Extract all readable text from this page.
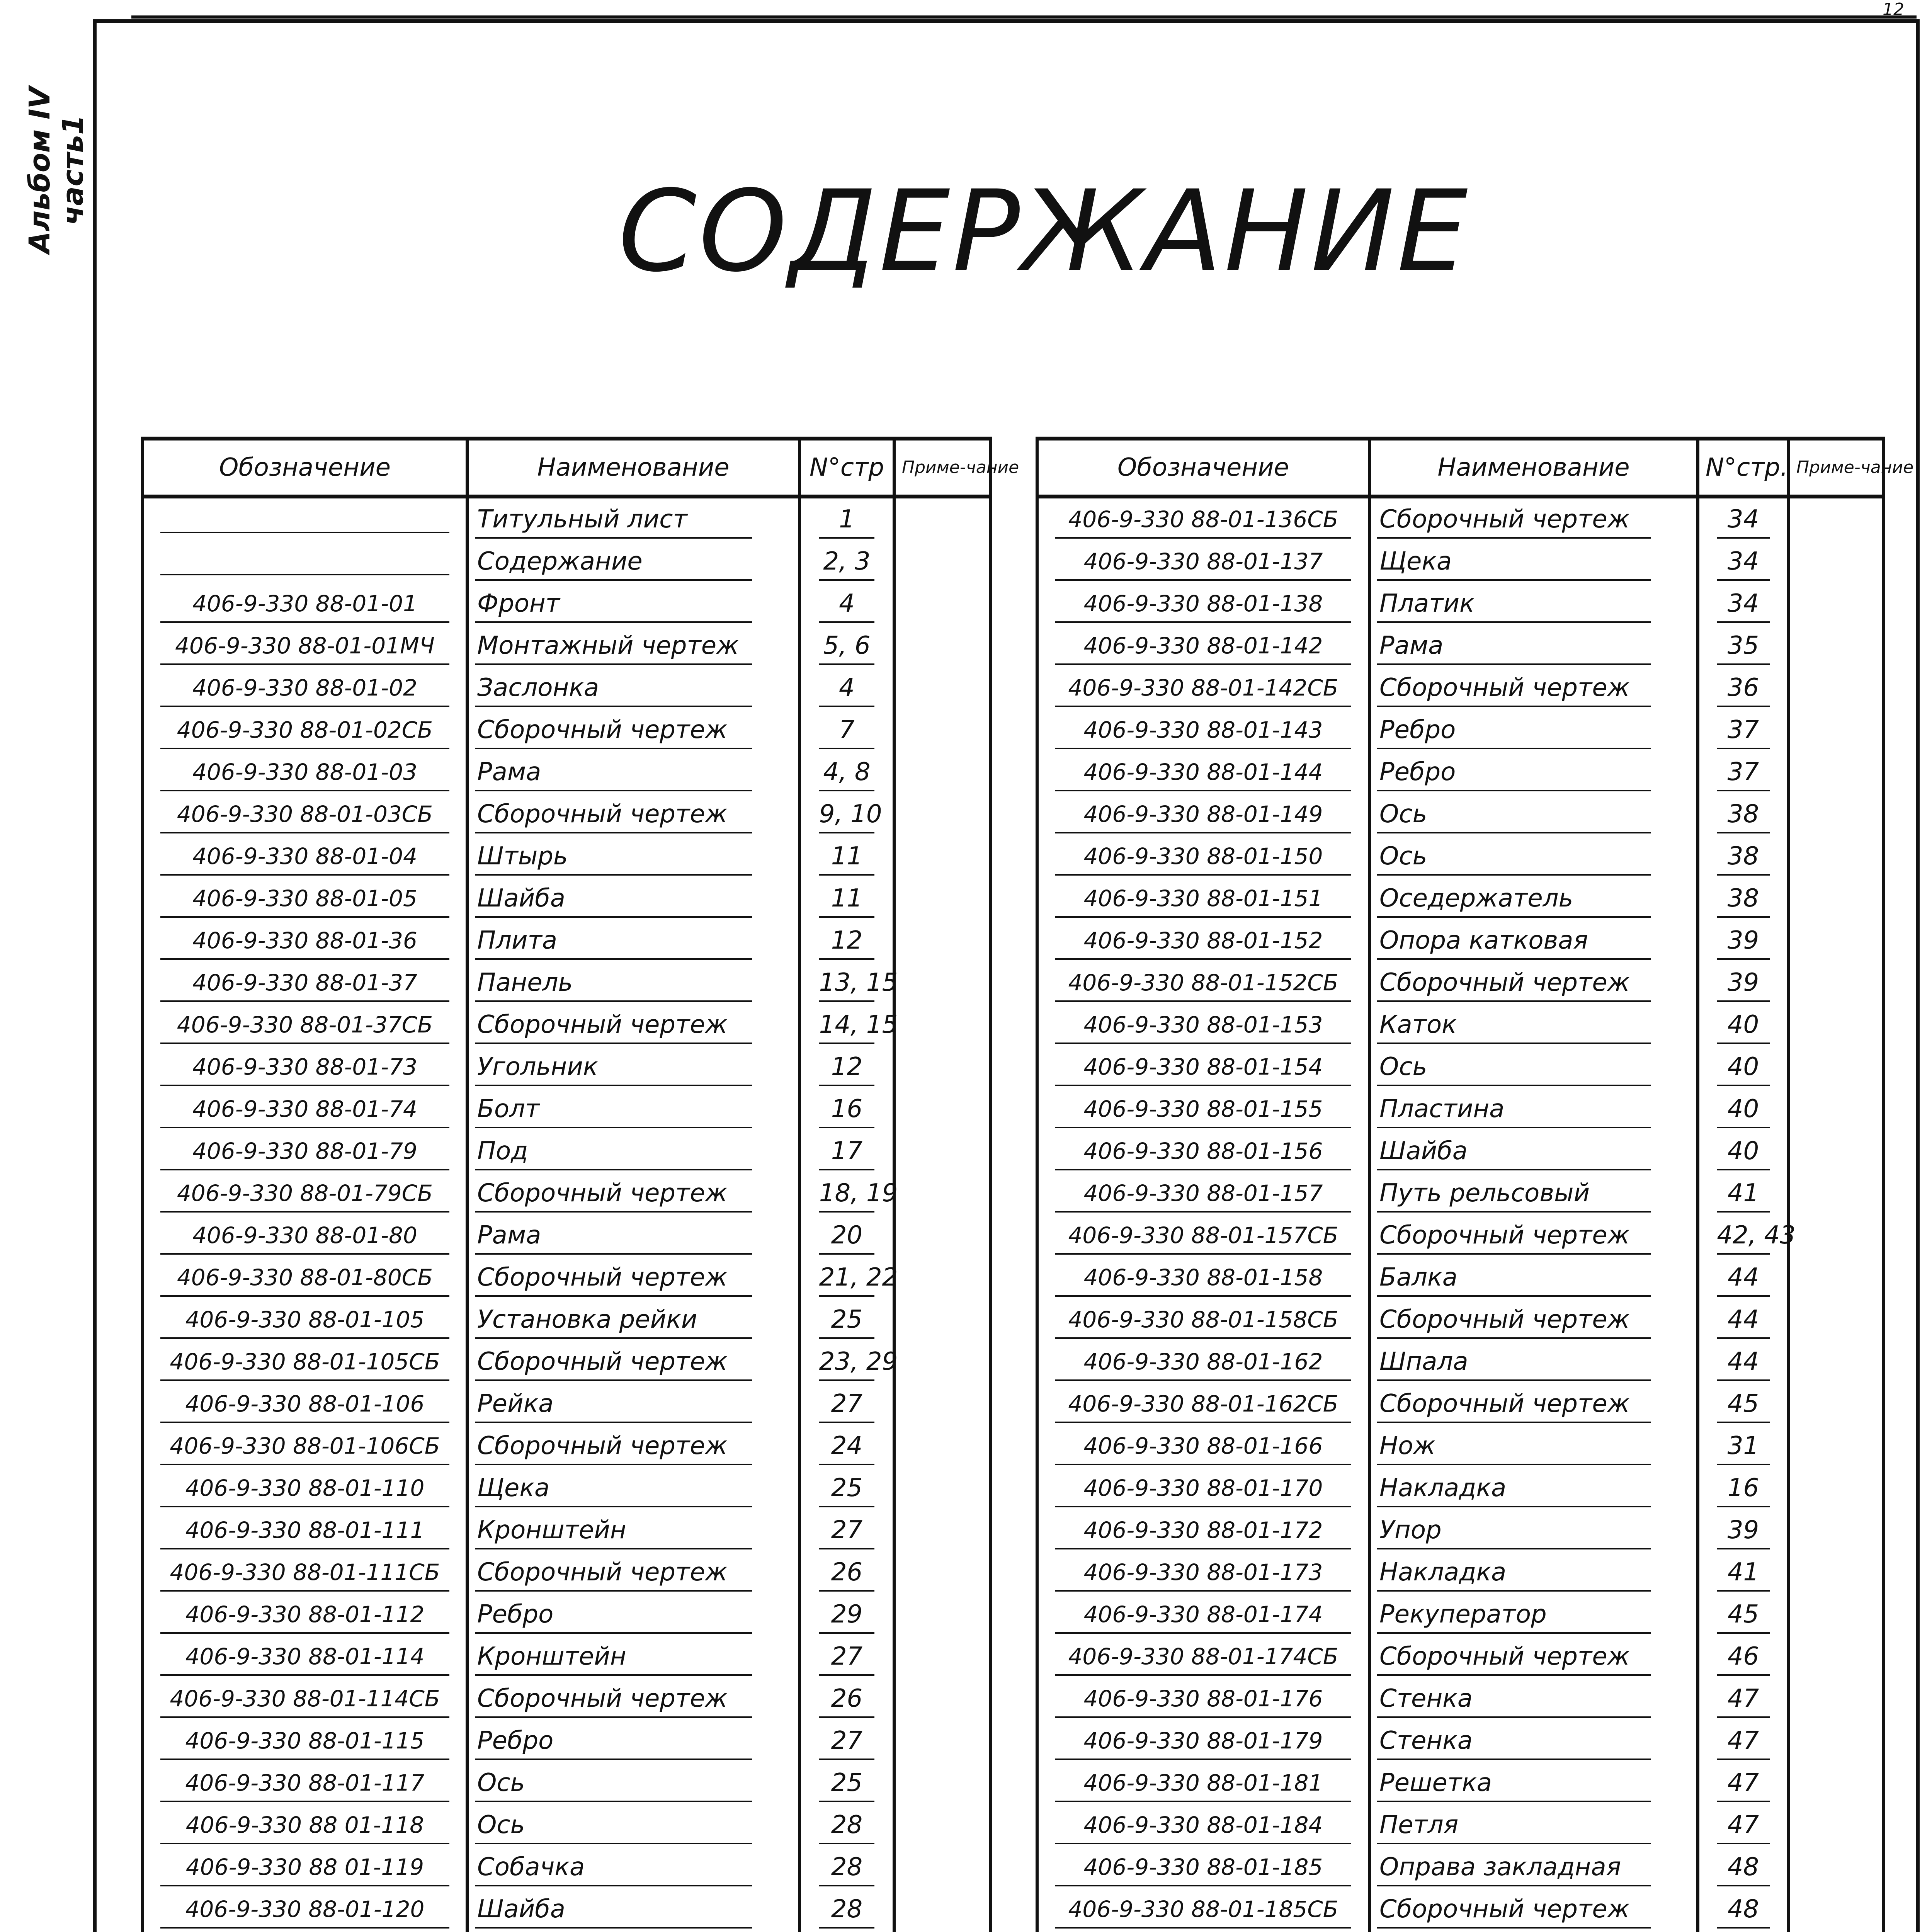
12
Альбом IV часть1	СОДЕРЖАНИЕ
Обозначение	Наименование	N°стр	Приме-чание
	Титульный лист	1	
	Содержание	2, 3	
406-9-330 88-01-01	Фронт	4	
406-9-330 88-01-01МЧ	Монтажный чертеж	5, 6	
406-9-330 88-01-02	Заслонка	4	
406-9-330 88-01-02СБ	Сборочный чертеж	7	
406-9-330 88-01-03	Рама	4, 8	
406-9-330 88-01-03СБ	Сборочный чертеж	9, 10	
406-9-330 88-01-04	Штырь	11	
406-9-330 88-01-05	Шайба	11	
406-9-330 88-01-36	Плита	12	
406-9-330 88-01-37	Панель	13, 15	
406-9-330 88-01-37СБ	Сборочный чертеж	14, 15	
406-9-330 88-01-73	Угольник	12	
406-9-330 88-01-74	Болт	16	
406-9-330 88-01-79	Под	17	
406-9-330 88-01-79СБ	Сборочный чертеж	18, 19	
406-9-330 88-01-80	Рама	20	
406-9-330 88-01-80СБ	Сборочный чертеж	21, 22	
406-9-330 88-01-105	Установка рейки	25	
406-9-330 88-01-105СБ	Сборочный чертеж	23, 29	
406-9-330 88-01-106	Рейка	27	
406-9-330 88-01-106СБ	Сборочный чертеж	24	
406-9-330 88-01-110	Щека	25	
406-9-330 88-01-111	Кронштейн	27	
406-9-330 88-01-111СБ	Сборочный чертеж	26	
406-9-330 88-01-112	Ребро	29	
406-9-330 88-01-114	Кронштейн	27	
406-9-330 88-01-114СБ	Сборочный чертеж	26	
406-9-330 88-01-115	Ребро	27	
406-9-330 88-01-117	Ось	25	
406-9-330 88 01-118	Ось	28	
406-9-330 88 01-119	Собачка	28	
406-9-330 88-01-120	Шайба	28	

Обозначение	Наименование	N°стр.	Приме-чание
406-9-330 88-01-136СБ	Сборочный чертеж	34	
406-9-330 88-01-137	Щека	34	
406-9-330 88-01-138	Платик	34	
406-9-330 88-01-142	Рама	35	
406-9-330 88-01-142СБ	Сборочный чертеж	36	
406-9-330 88-01-143	Ребро	37	
406-9-330 88-01-144	Ребро	37	
406-9-330 88-01-149	Ось	38	
406-9-330 88-01-150	Ось	38	
406-9-330 88-01-151	Оседержатель	38	
406-9-330 88-01-152	Опора катковая	39	
406-9-330 88-01-152СБ	Сборочный чертеж	39	
406-9-330 88-01-153	Каток	40	
406-9-330 88-01-154	Ось	40	
406-9-330 88-01-155	Пластина	40	
406-9-330 88-01-156	Шайба	40	
406-9-330 88-01-157	Путь рельсовый	41	
406-9-330 88-01-157СБ	Сборочный чертеж	42, 43	
406-9-330 88-01-158	Балка	44	
406-9-330 88-01-158СБ	Сборочный чертеж	44	
406-9-330 88-01-162	Шпала	44	
406-9-330 88-01-162СБ	Сборочный чертеж	45	
406-9-330 88-01-166	Нож	31	
406-9-330 88-01-170	Накладка	16	
406-9-330 88-01-172	Упор	39	
406-9-330 88-01-173	Накладка	41	
406-9-330 88-01-174	Рекуператор	45	
406-9-330 88-01-174СБ	Сборочный чертеж	46	
406-9-330 88-01-176	Стенка	47	
406-9-330 88-01-179	Стенка	47	
406-9-330 88-01-181	Решетка	47	
406-9-330 88-01-184	Петля	47	
406-9-330 88-01-185	Оправа закладная	48	
406-9-330 88-01-185СБ	Сборочный чертеж	48	
